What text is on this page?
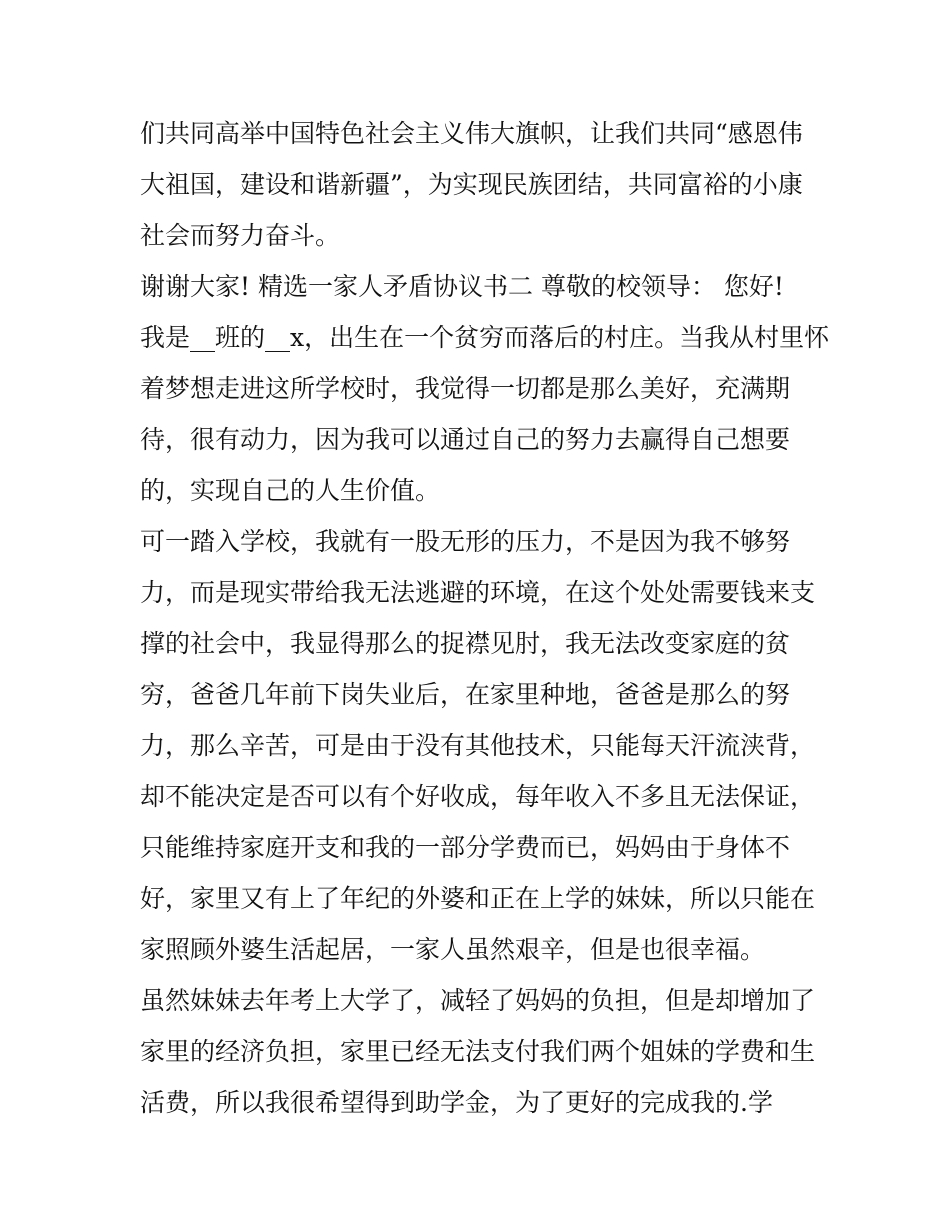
们共同高举中国特色社会主义伟大旗帜，让我们共同“感恩伟
大祖国，建设和谐新疆”，为实现民族团结，共同富裕的小康
社会而努力奋斗。
谢谢大家! 精选一家人矛盾协议书二 尊敬的校领导： 您好!
我是__班的__x，出生在一个贫穷而落后的村庄。当我从村里怀
着梦想走进这所学校时，我觉得一切都是那么美好，充满期
待，很有动力，因为我可以通过自己的努力去赢得自己想要
的，实现自己的人生价值。
可一踏入学校，我就有一股无形的压力，不是因为我不够努
力，而是现实带给我无法逃避的环境，在这个处处需要钱来支
撑的社会中，我显得那么的捉襟见肘，我无法改变家庭的贫
穷，爸爸几年前下岗失业后，在家里种地，爸爸是那么的努
力，那么辛苦，可是由于没有其他技术，只能每天汗流浃背，
却不能决定是否可以有个好收成，每年收入不多且无法保证，
只能维持家庭开支和我的一部分学费而已，妈妈由于身体不
好，家里又有上了年纪的外婆和正在上学的妹妹，所以只能在
家照顾外婆生活起居，一家人虽然艰辛，但是也很幸福。
虽然妹妹去年考上大学了，减轻了妈妈的负担，但是却增加了
家里的经济负担，家里已经无法支付我们两个姐妹的学费和生
活费，所以我很希望得到助学金，为了更好的完成我的.学
